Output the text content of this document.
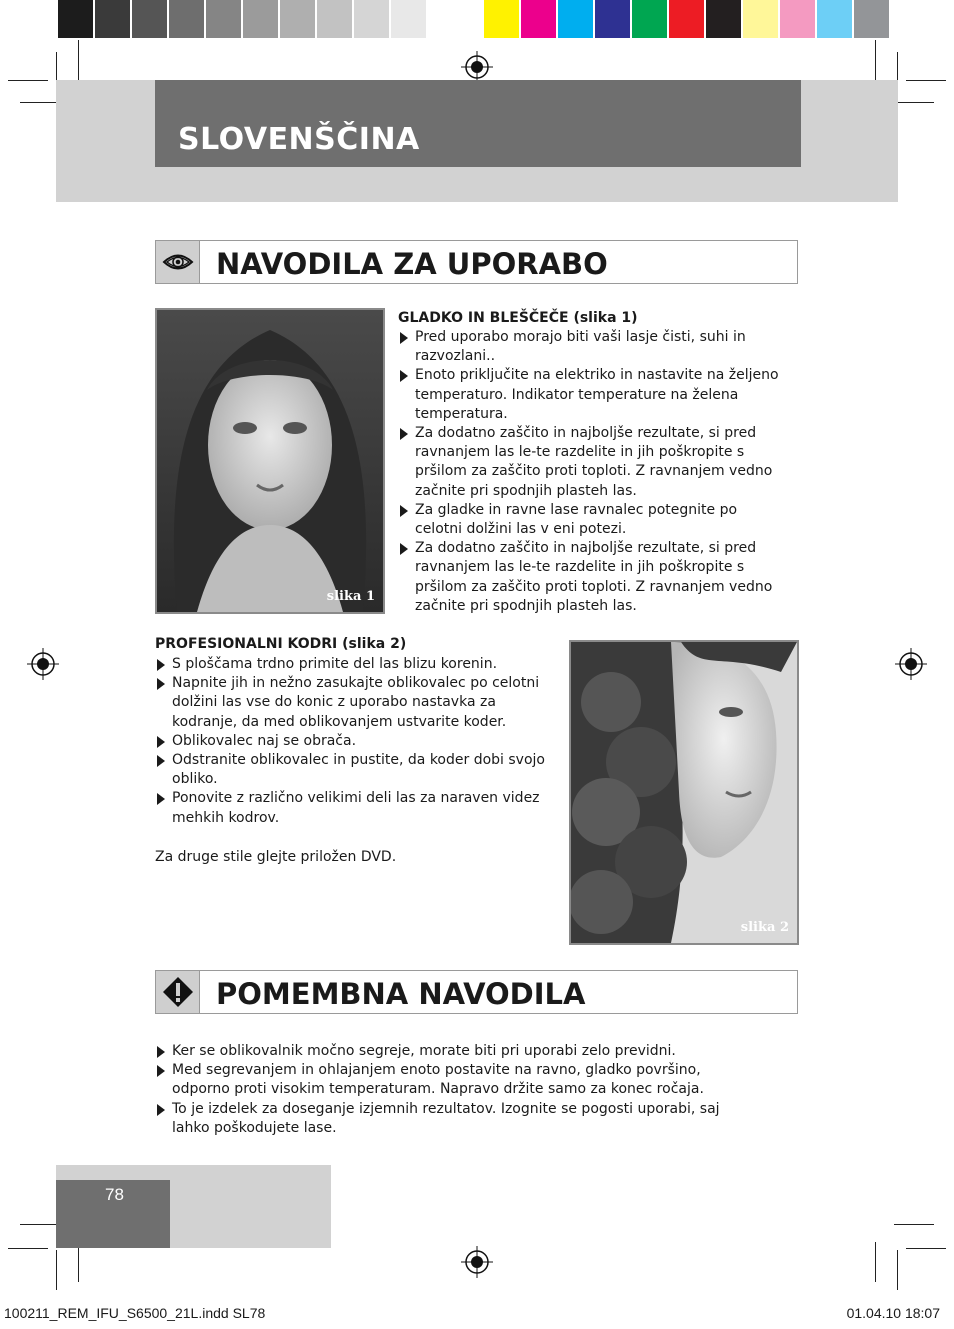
SLOVENŠČINA
NAVODILA ZA UPORABO
slika 1
GLADKO IN BLEŠČEČE (slika 1)
Pred uporabo morajo biti vaši lasje čisti, suhi in razvozlani..
Enoto priključite na elektriko in nastavite na željeno temperaturo. Indikator temperature na želena temperatura.
Za dodatno zaščito in najboljše rezultate, si pred ravnanjem las le-te razdelite in jih poškropite s pršilom za zaščito proti toploti. Z ravnanjem vedno začnite pri spodnjih plasteh las.
Za gladke in ravne lase ravnalec potegnite po celotni dolžini las v eni potezi.
Za dodatno zaščito in najboljše rezultate, si pred ravnanjem las le-te razdelite in jih poškropite s pršilom za zaščito proti toploti. Z ravnanjem vedno začnite pri spodnjih plasteh las.
PROFESIONALNI KODRI (slika 2)
S ploščama trdno primite del las blizu korenin.
Napnite jih in nežno zasukajte oblikovalec po celotni dolžini las vse do konic z uporabo nastavka za kodranje, da med oblikovanjem ustvarite koder.
Oblikovalec naj se obrača.
Odstranite oblikovalec in pustite, da koder dobi svojo obliko.
Ponovite z različno velikimi deli las za naraven videz mehkih kodrov.
Za druge stile glejte priložen DVD.
slika 2
POMEMBNA NAVODILA
Ker se oblikovalnik močno segreje, morate biti pri uporabi zelo previdni.
Med segrevanjem in ohlajanjem enoto postavite na ravno, gladko površino, odporno proti visokim temperaturam. Napravo držite samo za konec ročaja.
To je izdelek za doseganje izjemnih rezultatov. Izognite se pogosti uporabi, saj lahko poškodujete lase.
78
100211_REM_IFU_S6500_21L.indd SL78	01.04.10 18:07
